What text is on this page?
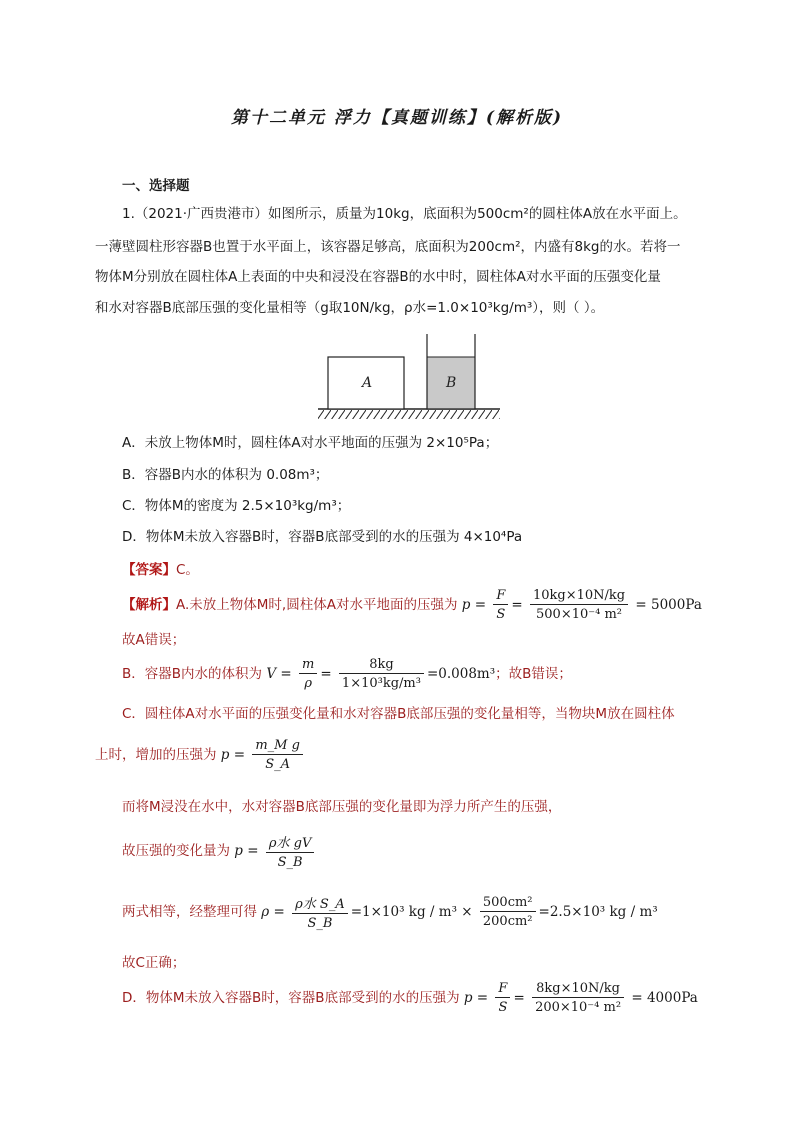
第十二单元 浮力【真题训练】(解析版)
一、选择题
1.（2021·广西贵港市）如图所示，质量为10kg，底面积为500cm²的圆柱体A放在水平面上。
一薄壁圆柱形容器B也置于水平面上，该容器足够高，底面积为200cm²，内盛有8kg的水。若将一
物体M分别放在圆柱体A上表面的中央和浸没在容器B的水中时，圆柱体A对水平面的压强变化量
和水对容器B底部压强的变化量相等（g取10N/kg，ρ水=1.0×10³kg/m³），则（ ）。
A	B
A．未放上物体M时，圆柱体A对水平地面的压强为 2×10⁵Pa；
B．容器B内水的体积为 0.08m³；
C．物体M的密度为 2.5×10³kg/m³；
D．物体M未放入容器B时，容器B底部受到的水的压强为 4×10⁴Pa
【答案】C。
【解析】A.未放上物体M时,圆柱体A对水平地面的压强为 $p = \frac{F}{S} = \frac{10kg\times 10N/kg}{\text{500×10⁻⁴ m²}} = 5000Pa$
故A错误；
B．容器B内水的体积为 $V = \frac{m}{\rho} = \frac{8kg}{\text{1×10³kg/m³}} =0.008m^3$；故B错误；
C．圆柱体A对水平面的压强变化量和水对容器B底部压强的变化量相等，当物块M放在圆柱体
上时，增加的压强为 $p = \frac{\text{m\_M g}}{S\_A}$
而将M浸没在水中，水对容器B底部压强的变化量即为浮力所产生的压强，
故压强的变化量为 $p = \frac{\text{ρ水 gV}}{S\_B}$
两式相等，经整理可得 $\rho = \frac{\text{ρ水 S\_A}}{S\_B} =1\times 10^3$ kg / $m^3 \times \frac{\text{500cm²}}{\text{200cm²}} =2.5\times 10^3$ kg / m³
故C正确；
D．物体M未放入容器B时，容器B底部受到的水的压强为 $p = \frac{F}{S} = \frac{8kg\times 10N/kg}{\text{200×10⁻⁴ m²}} = 4000Pa$
